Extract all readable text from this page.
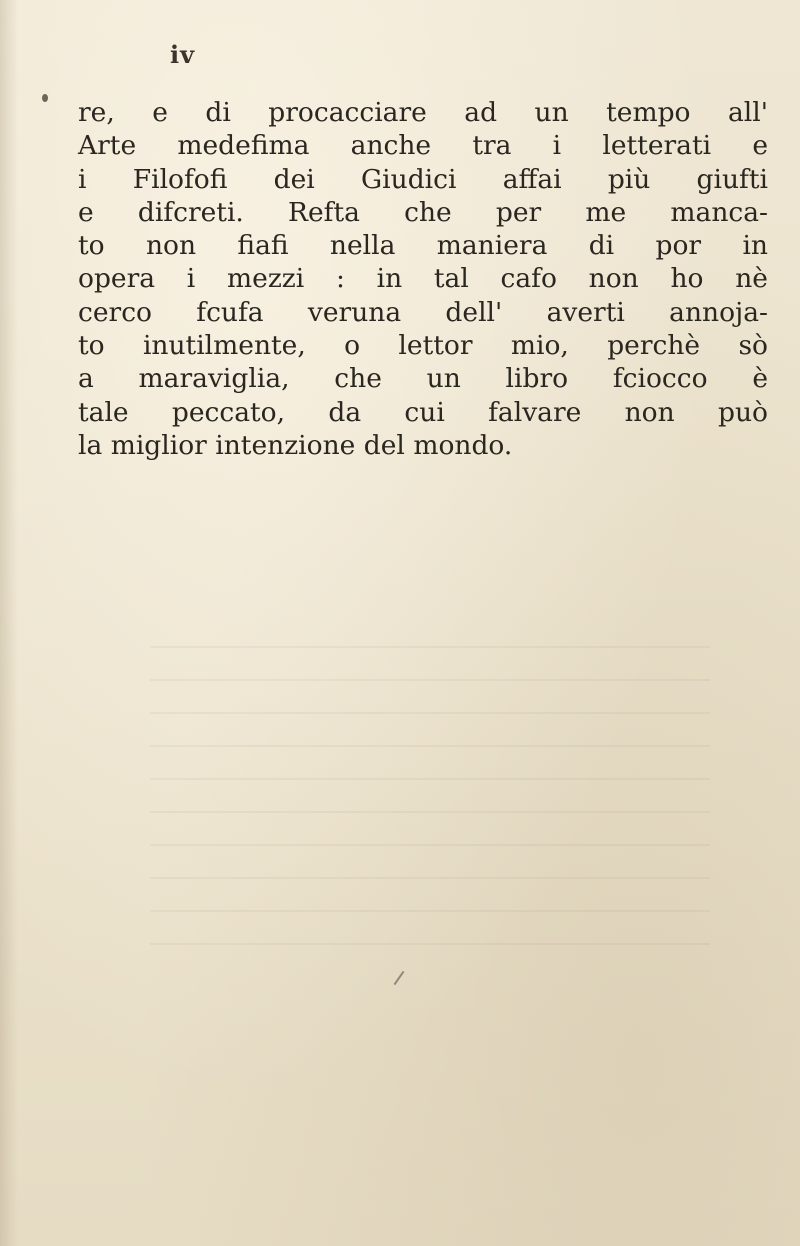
iv
re, e di procacciare ad un tempo all'
Arte medefima anche tra i letterati e
i Filofofi dei Giudici affai più giufti
e difcreti. Refta che per me manca-
to non fiafi nella maniera di por in
opera i mezzi : in tal cafo non ho nè
cerco fcufa veruna dell' averti annoja-
to inutilmente, o lettor mio, perchè sò
a maraviglia, che un libro fciocco è
tale peccato, da cui falvare non può
la miglior intenzione del mondo.
